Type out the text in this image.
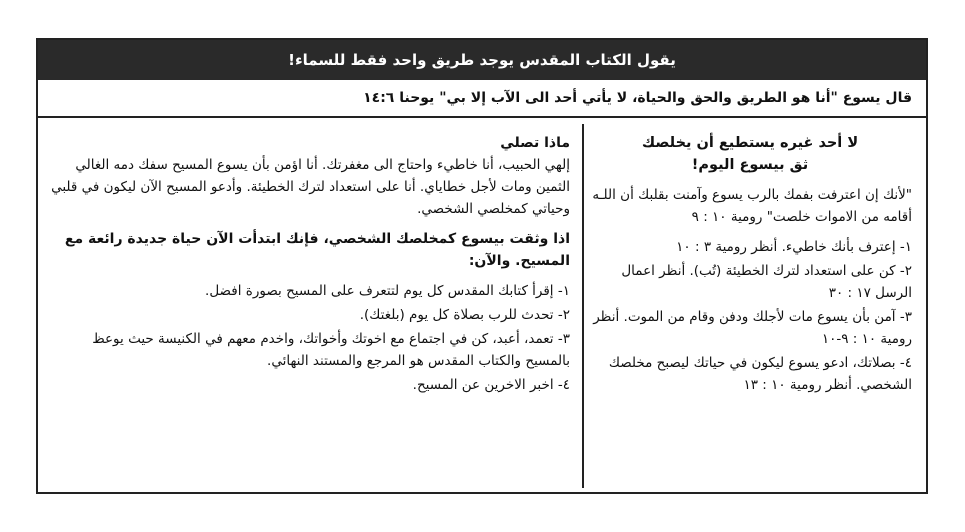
يقول الكتاب المقدس يوجد طريق واحد فقط للسماء!
قال يسوع "أنا هو الطريق والحق والحياة، لا يأتي أحد الى الآب إلا بي" يوحنا ١٤:٦
لا أحد غيره يستطيع أن يخلصك
ثق بيسوع اليوم!

"لأنك إن اعترفت بفمك بالرب يسوع وآمنت بقلبك أن اللـه أقامه من الاموات خلصت" رومية ١٠ : ٩

١- إعترف بأنك خاطيء. أنظر رومية ٣ : ١٠
٢- كن على استعداد لترك الخطيئة (تُب). أنظر اعمال الرسل ١٧ : ٣٠
٣- آمن بأن يسوع مات لأجلك ودفن وقام من الموت. أنظر رومية ١٠ : ٩-١٠
٤- بصلاتك، ادعو يسوع ليكون في حياتك ليصبح مخلصك الشخصي. أنظر رومية ١٠ : ١٣
ماذا تصلي

إلهي الحبيب، أنا خاطيء واحتاج الى مغفرتك. أنا اؤمن بأن يسوع المسيح سفك دمه الغالي الثمين ومات لأجل خطاياي. أنا على استعداد لترك الخطيئة. وأدعو المسيح الآن ليكون في قلبي وحياتي كمخلصي الشخصي.

اذا وثقت بيسوع كمخلصك الشخصي، فإنك ابتدأت الآن حياة جديدة رائعة مع المسيح. والآن:

١- إقرأ كتابك المقدس كل يوم لتتعرف على المسيح بصورة افضل.
٢- تحدث للرب بصلاة كل يوم (بلغتك).
٣- تعمد، أعبد، كن في اجتماع مع اخوتك وأخواتك، واخدم معهم في الكنيسة حيث يوعظ بالمسيح والكتاب المقدس هو المرجع والمستند النهائي.
٤- اخبر الاخرين عن المسيح.
